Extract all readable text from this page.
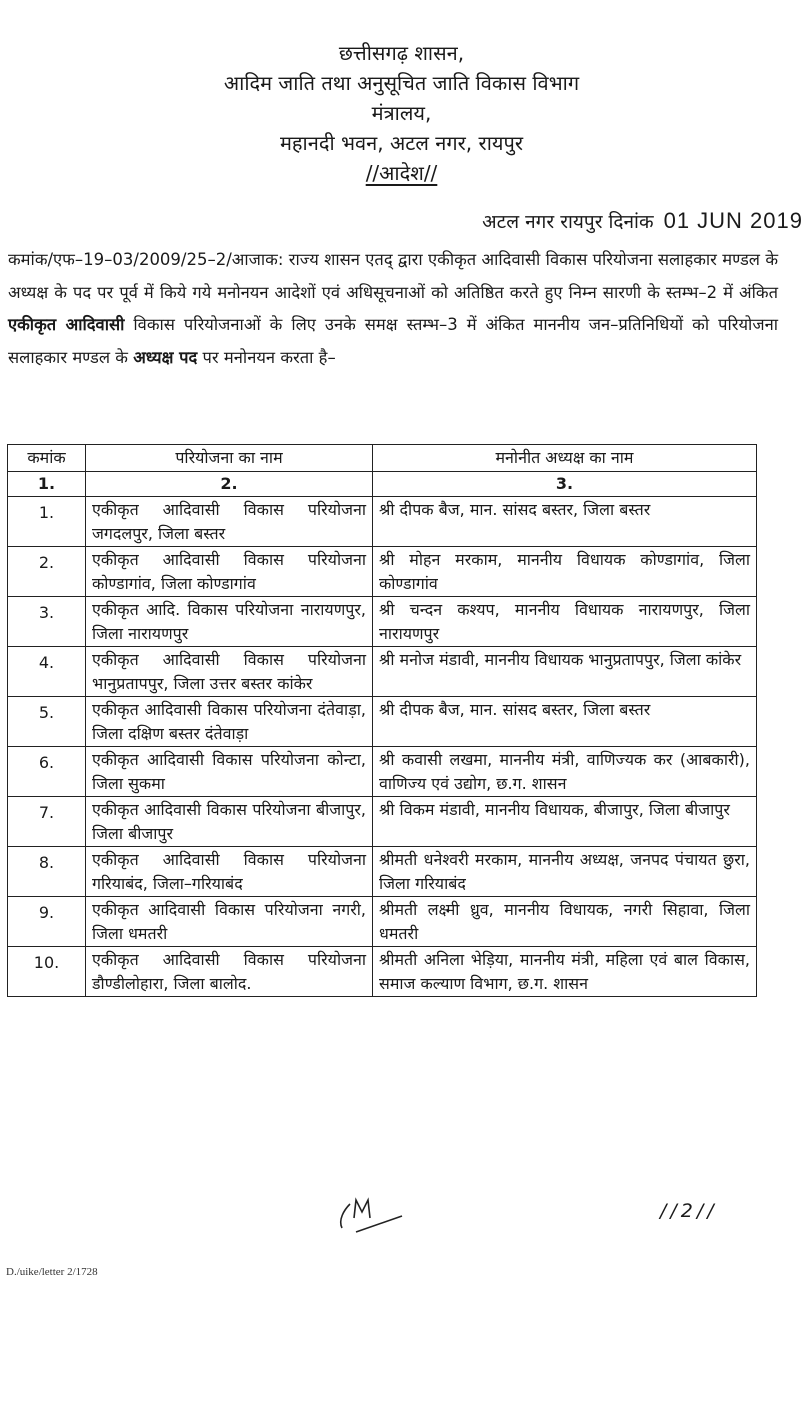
छत्तीसगढ़ शासन,
आदिम जाति तथा अनुसूचित जाति विकास विभाग
मंत्रालय,
महानदी भवन, अटल नगर, रायपुर
//आदेश//
अटल नगर रायपुर दिनांक 01 JUN 2019
कमांक/एफ–19–03/2009/25–2/आजाक: राज्य शासन एतद् द्वारा एकीकृत आदिवासी विकास परियोजना सलाहकार मण्डल के अध्यक्ष के पद पर पूर्व में किये गये मनोनयन आदेशों एवं अधिसूचनाओं को अतिष्ठित करते हुए निम्न सारणी के स्तम्भ–2 में अंकित एकीकृत आदिवासी विकास परियोजनाओं के लिए उनके समक्ष स्तम्भ–3 में अंकित माननीय जन–प्रतिनिधियों को परियोजना सलाहकार मण्डल के अध्यक्ष पद पर मनोनयन करता है–
कमांक	परियोजना का नाम	मनोनीत अध्यक्ष का नाम
1.	2.	3.
1.	एकीकृत आदिवासी विकास परियोजना जगदलपुर, जिला बस्तर	श्री दीपक बैज, मान. सांसद बस्तर, जिला बस्तर
2.	एकीकृत आदिवासी विकास परियोजना कोण्डागांव, जिला कोण्डागांव	श्री मोहन मरकाम, माननीय विधायक कोण्डागांव, जिला कोण्डागांव
3.	एकीकृत आदि. विकास परियोजना नारायणपुर, जिला नारायणपुर	श्री चन्दन कश्यप, माननीय विधायक नारायणपुर, जिला नारायणपुर
4.	एकीकृत आदिवासी विकास परियोजना भानुप्रतापपुर, जिला उत्तर बस्तर कांकेर	श्री मनोज मंडावी, माननीय विधायक भानुप्रतापपुर, जिला कांकेर
5.	एकीकृत आदिवासी विकास परियोजना दंतेवाड़ा, जिला दक्षिण बस्तर दंतेवाड़ा	श्री दीपक बैज, मान. सांसद बस्तर, जिला बस्तर
6.	एकीकृत आदिवासी विकास परियोजना कोन्टा, जिला सुकमा	श्री कवासी लखमा, माननीय मंत्री, वाणिज्यक कर (आबकारी), वाणिज्य एवं उद्योग, छ.ग. शासन
7.	एकीकृत आदिवासी विकास परियोजना बीजापुर, जिला बीजापुर	श्री विकम मंडावी, माननीय विधायक, बीजापुर, जिला बीजापुर
8.	एकीकृत आदिवासी विकास परियोजना गरियाबंद, जिला–गरियाबंद	श्रीमती धनेश्वरी मरकाम, माननीय अध्यक्ष, जनपद पंचायत छुरा, जिला गरियाबंद
9.	एकीकृत आदिवासी विकास परियोजना नगरी, जिला धमतरी	श्रीमती लक्ष्मी ध्रुव, माननीय विधायक, नगरी सिहावा, जिला धमतरी
10.	एकीकृत आदिवासी विकास परियोजना डौण्डीलोहारा, जिला बालोद.	श्रीमती अनिला भेड़िया, माननीय मंत्री, महिला एवं बाल विकास, समाज कल्याण विभाग, छ.ग. शासन
//2//
D./uike/letter 2/1728
